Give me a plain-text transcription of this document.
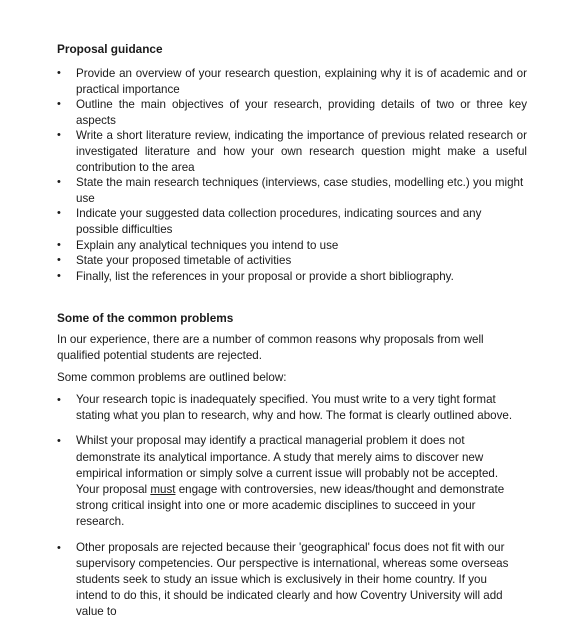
Proposal guidance
• Provide an overview of your research question, explaining why it is of academic and or practical importance
• Outline the main objectives of your research, providing details of two or three key aspects
• Write a short literature review, indicating the importance of previous related research or investigated literature and how your own research question might make a useful contribution to the area
• State the main research techniques (interviews, case studies, modelling etc.) you might use
• Indicate your suggested data collection procedures, indicating sources and any possible difficulties
• Explain any analytical techniques you intend to use
• State your proposed timetable of activities
• Finally, list the references in your proposal or provide a short bibliography.
Some of the common problems

In our experience, there are a number of common reasons why proposals from well qualified potential students are rejected.

Some common problems are outlined below:

• Your research topic is inadequately specified. You must write to a very tight format stating what you plan to research, why and how. The format is clearly outlined above.
• Whilst your proposal may identify a practical managerial problem it does not demonstrate its analytical importance. A study that merely aims to discover new empirical information or simply solve a current issue will probably not be accepted. Your proposal must engage with controversies, new ideas/thought and demonstrate strong critical insight into one or more academic disciplines to succeed in your research.
• Other proposals are rejected because their 'geographical' focus does not fit with our supervisory competencies. Our perspective is international, whereas some overseas students seek to study an issue which is exclusively in their home country. If you intend to do this, it should be indicated clearly and how Coventry University will add value to
